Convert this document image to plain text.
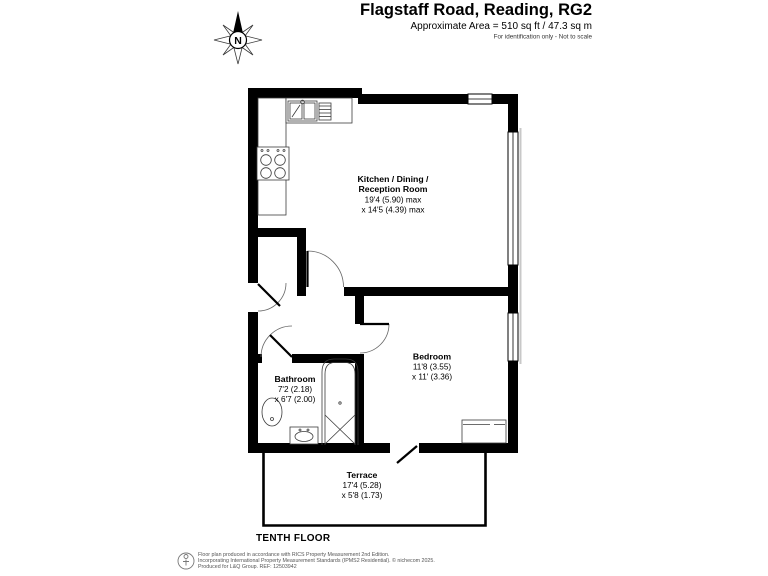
Flagstaff Road, Reading, RG2
Approximate Area = 510 sq ft / 47.3 sq m
For identification only - Not to scale
N
Kitchen / Dining /
Reception Room
19'4 (5.90) max
x 14'5 (4.39) max
Bedroom
11'8 (3.55)
x 11' (3.36)
Bathroom
7'2 (2.18)
x 6'7 (2.00)
Terrace
17'4 (5.28)
x 5'8 (1.73)
TENTH FLOOR
Floor plan produced in accordance with RICS Property Measurement 2nd Edition.
Incorporating International Property Measurement Standards (IPMS2 Residential). © nichecom 2025.
Produced for L&Q Group. REF: 12503942
